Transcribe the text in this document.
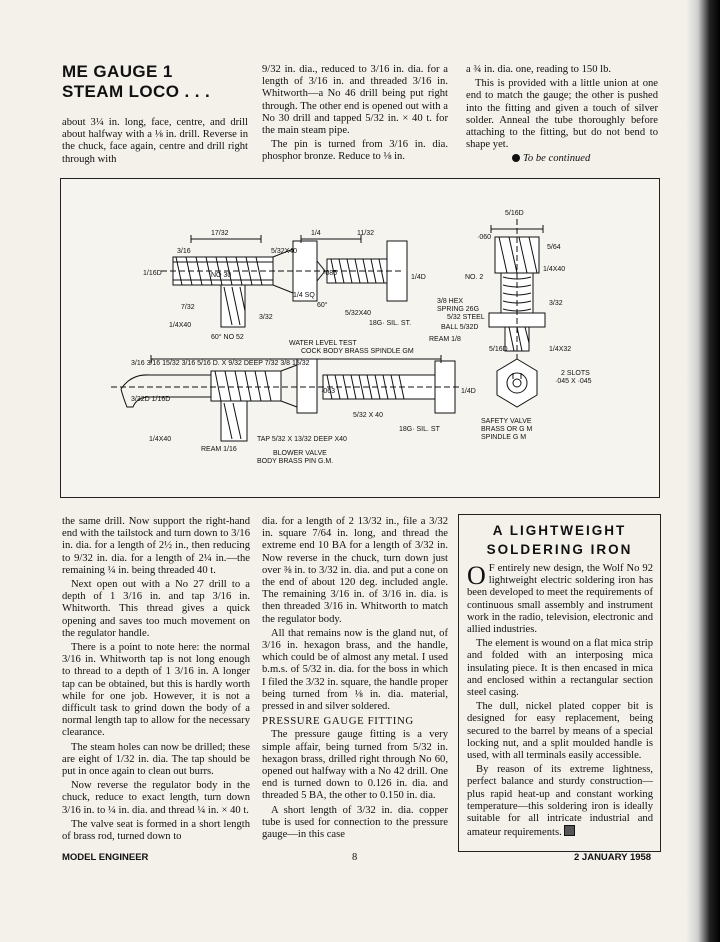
ME GAUGE 1
STEAM LOCO . . .

about 3¼ in. long, face, centre, and drill about halfway with a ⅛ in. drill. Reverse in the chuck, face again, centre and drill right through with

9/32 in. dia., reduced to 3/16 in. dia. for a length of 3/16 in. and threaded 3/16 in. Whitworth—a No 46 drill being put right through. The other end is opened out with a No 30 drill and tapped 5/32 in. × 40 t. for the main steam pipe.

The pin is turned from 3/16 in. dia. phosphor bronze. Reduce to ⅛ in.

a ¾ in. dia. one, reading to 150 lb.

This is provided with a little union at one end to match the gauge; the other is pushed into the fitting and given a touch of silver solder. Anneal the tube thoroughly before attaching to the fitting, but do not bend to shape yet.

To be continued

3/16
17/32
5/32X40
1/16D	NO 30
1/4 SQ
7/32
3/32
1/4X40
60° NO 52
1/4	11/32
·085
60°
5/32X40
1/4D
18G· SIL. ST.
WATER LEVEL TEST
COCK BODY BRASS SPINDLE GM
3/16 3/16 15/32 3/16 5/16 D. X 9/32 DEEP 7/32 3/8 15/32
3/32D 1/16D
1/4X40
REAM 1/16
TAP 5/32 X 13/32 DEEP X40
BLOWER VALVE
BODY BRASS PIN G.M.
·063
5/32 X 40
18G· SIL. ST
1/4D
5/16D
·060
5/64
1/4X40
NO. 2
3/8 HEX
SPRING 26G
5/32 STEEL
BALL 5/32D
REAM 1/8
5/16D	1/4X32
3/32
2 SLOTS
·045 X ·045
SAFETY VALVE
BRASS OR G M
SPINDLE G M

the same drill. Now support the right-hand end with the tailstock and turn down to 3/16 in. dia. for a length of 2½ in., then reducing to 9/32 in. dia. for a length of 2¼ in.—the remaining ¼ in. being threaded 40 t.

Next open out with a No 27 drill to a depth of 1 3/16 in. and tap 3/16 in. Whitworth. This thread gives a quick opening and saves too much movement on the regulator handle.

There is a point to note here: the normal 3/16 in. Whitworth tap is not long enough to thread to a depth of 1 3/16 in. A longer tap can be obtained, but this is hardly worth while for one job. However, it is not a difficult task to grind down the body of a normal length tap to allow for the necessary clearance.

The steam holes can now be drilled; these are eight of 1/32 in. dia. The tap should be put in once again to clean out burrs.

Now reverse the regulator body in the chuck, reduce to exact length, turn down 3/16 in. to ¼ in. dia. and thread ¼ in. × 40 t.

The valve seat is formed in a short length of brass rod, turned down to

dia. for a length of 2 13/32 in., file a 3/32 in. square 7/64 in. long, and thread the extreme end 10 BA for a length of 3/32 in. Now reverse in the chuck, turn down just over ⅜ in. to 3/32 in. dia. and put a cone on the end of about 120 deg. included angle. The remaining 3/16 in. of 3/16 in. dia. is then threaded 3/16 in. Whitworth to match the regulator body.

All that remains now is the gland nut, of 3/16 in. hexagon brass, and the handle, which could be of almost any metal. I used b.m.s. of 5/32 in. dia. for the boss in which I filed the 3/32 in. square, the handle proper being turned from ⅛ in. dia. material, pressed in and silver soldered.

PRESSURE GAUGE FITTING

The pressure gauge fitting is a very simple affair, being turned from 5/32 in. hexagon brass, drilled right through No 60, opened out halfway with a No 42 drill. One end is turned down to 0.126 in. dia. and threaded 5 BA, the other to 0.150 in. dia.

A short length of 3/32 in. dia. copper tube is used for connection to the pressure gauge—in this case

A LIGHTWEIGHT
SOLDERING IRON

O F entirely new design, the Wolf No 92 lightweight electric soldering iron has been developed to meet the requirements of continuous small assembly and instrument work in the radio, television, electronic and allied industries.

The element is wound on a flat mica strip and folded with an interposing mica insulating piece. It is then encased in mica and enclosed within a rectangular section steel casing.

The dull, nickel plated copper bit is designed for easy replacement, being secured to the barrel by means of a special locking nut, and a split moulded handle is used, with all terminals easily accessible.

By reason of its extreme lightness, perfect balance and sturdy construction—plus rapid heat-up and constant working temperature—this soldering iron is ideally suitable for all intricate industrial and amateur requirements.

MODEL ENGINEER	8	2 JANUARY 1958
